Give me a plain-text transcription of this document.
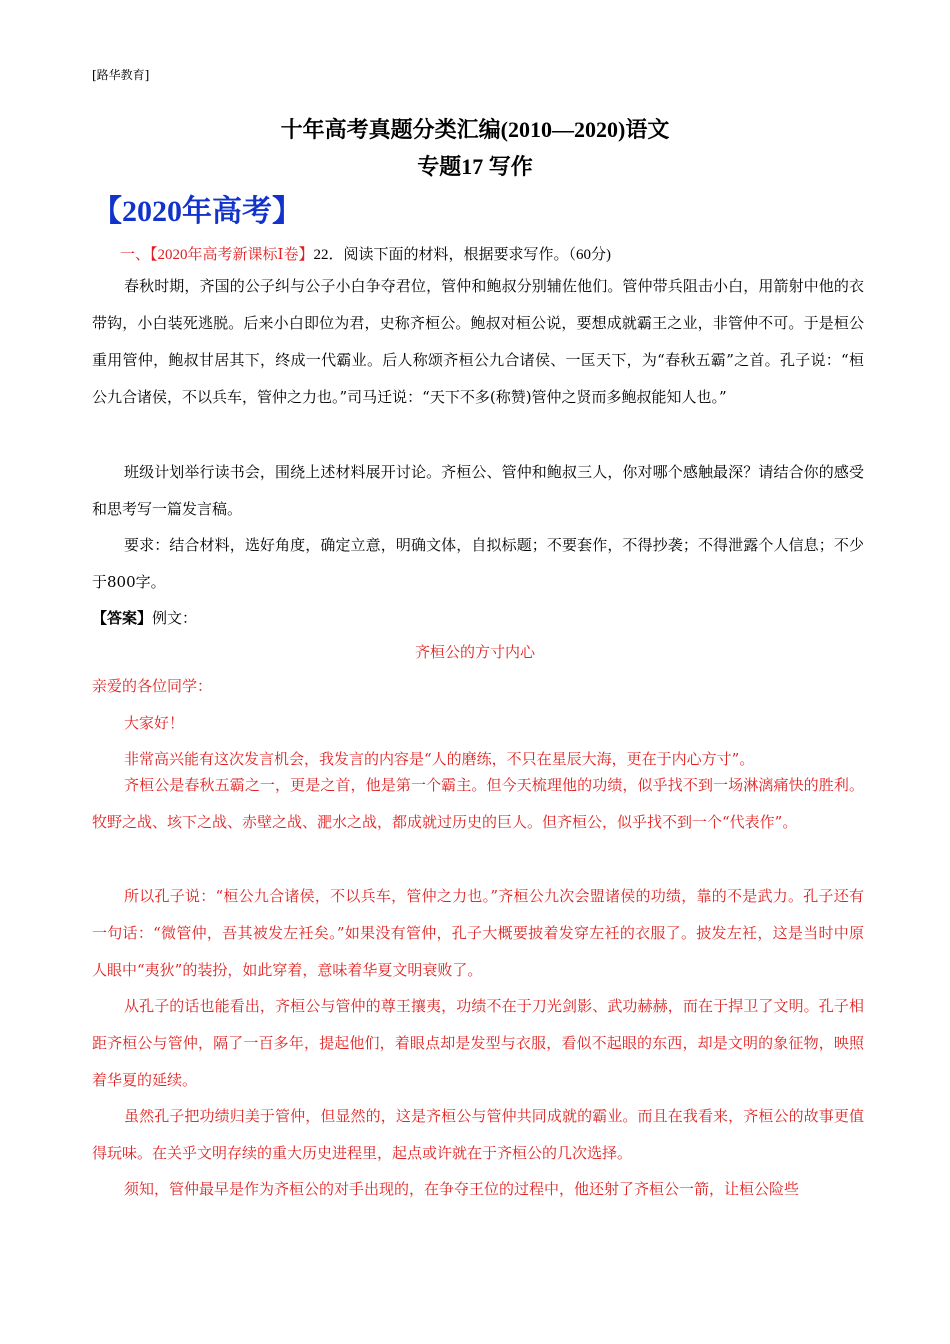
[路华教育]
十年高考真题分类汇编(2010—2020)语文
专题17 写作
【2020年高考】
一、【2020年高考新课标Ⅰ卷】22．阅读下面的材料，根据要求写作。（60分)

春秋时期，齐国的公子纠与公子小白争夺君位，管仲和鲍叔分别辅佐他们。管仲带兵阻击小白，用箭射中他的衣带钩，小白装死逃脱。后来小白即位为君，史称齐桓公。鲍叔对桓公说，要想成就霸王之业，非管仲不可。于是桓公重用管仲，鲍叔甘居其下，终成一代霸业。后人称颂齐桓公九合诸侯、一匡天下，为“春秋五霸”之首。孔子说：“桓公九合诸侯，不以兵车，管仲之力也。”司马迁说：“天下不多(称赞)管仲之贤而多鲍叔能知人也。”

班级计划举行读书会，围绕上述材料展开讨论。齐桓公、管仲和鲍叔三人，你对哪个感触最深？请结合你的感受和思考写一篇发言稿。

要求：结合材料，选好角度，确定立意，明确文体，自拟标题；不要套作，不得抄袭；不得泄露个人信息；不少于800字。

【答案】例文：
齐桓公的方寸内心

亲爱的各位同学：

大家好！

非常高兴能有这次发言机会，我发言的内容是“人的磨练，不只在星辰大海，更在于内心方寸”。

齐桓公是春秋五霸之一，更是之首，他是第一个霸主。但今天梳理他的功绩，似乎找不到一场淋漓痛快的胜利。牧野之战、垓下之战、赤壁之战、淝水之战，都成就过历史的巨人。但齐桓公，似乎找不到一个“代表作”。

所以孔子说：“桓公九合诸侯，不以兵车，管仲之力也。”齐桓公九次会盟诸侯的功绩，靠的不是武力。孔子还有一句话：“微管仲，吾其被发左衽矣。”如果没有管仲，孔子大概要披着发穿左衽的衣服了。披发左衽，这是当时中原人眼中“夷狄”的装扮，如此穿着，意味着华夏文明衰败了。

从孔子的话也能看出，齐桓公与管仲的尊王攘夷，功绩不在于刀光剑影、武功赫赫，而在于捍卫了文明。孔子相距齐桓公与管仲，隔了一百多年，提起他们，着眼点却是发型与衣服，看似不起眼的东西，却是文明的象征物，映照着华夏的延续。

虽然孔子把功绩归美于管仲，但显然的，这是齐桓公与管仲共同成就的霸业。而且在我看来，齐桓公的故事更值得玩味。在关乎文明存续的重大历史进程里，起点或许就在于齐桓公的几次选择。

须知，管仲最早是作为齐桓公的对手出现的，在争夺王位的过程中，他还射了齐桓公一箭，让桓公险些
